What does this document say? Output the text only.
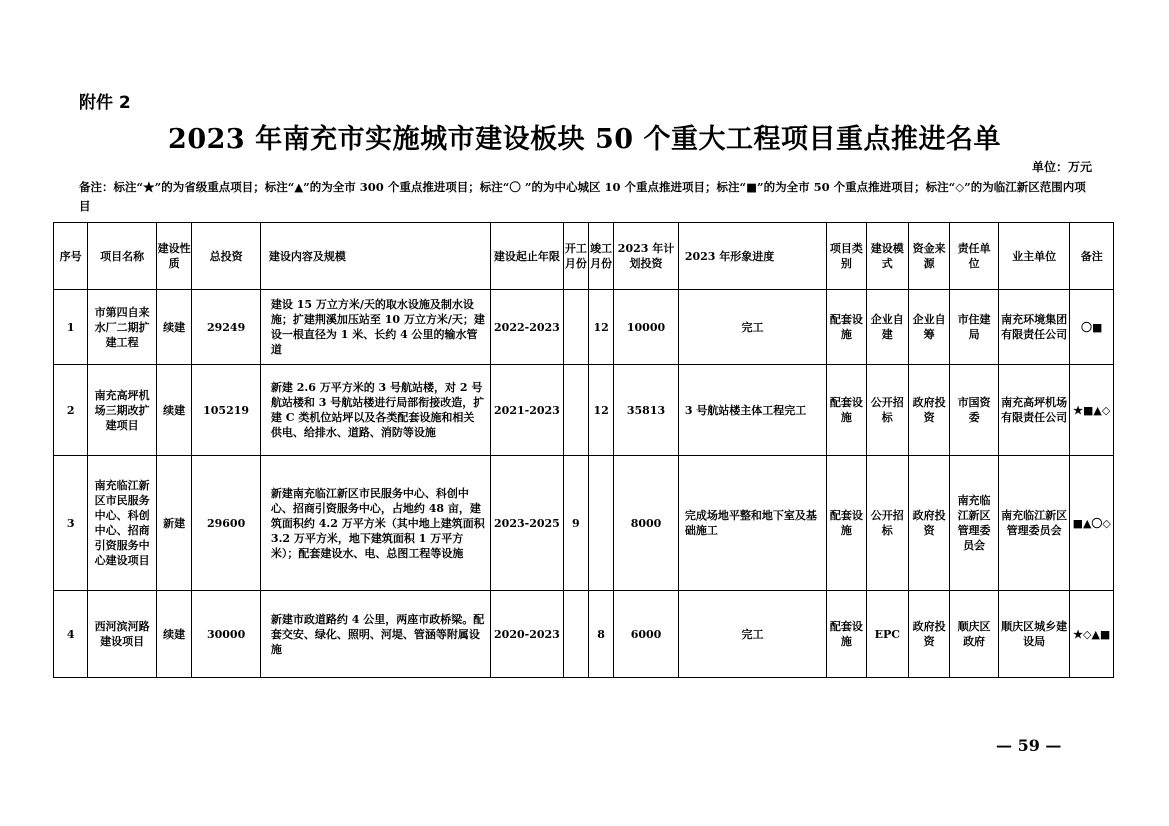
附件 2
2023 年南充市实施城市建设板块 50 个重大工程项目重点推进名单
单位：万元
备注：标注“★”的为省级重点项目；标注“▲”的为全市 300 个重点推进项目；标注“〇 ”的为中心城区 10 个重点推进项目；标注“■”的为全市 50 个重点推进项目；标注“◇”的为临江新区范围内项目
序号	项目名称	建设性质	总投资	建设内容及规模	建设起止年限	开工月份	竣工月份	2023 年计划投资	2023 年形象进度	项目类别	建设模式	资金来源	责任单位	业主单位	备注
1	市第四自来水厂二期扩建工程	续建	29249	建设 15 万立方米/天的取水设施及制水设施；扩建荆溪加压站至 10 万立方米/天；建设一根直径为 1 米、长约 4 公里的输水管道	2022-2023		12	10000	完工	配套设施	企业自建	企业自筹	市住建局	南充环境集团有限责任公司	〇■
2	南充高坪机场三期改扩建项目	续建	105219	新建 2.6 万平方米的 3 号航站楼，对 2 号航站楼和 3 号航站楼进行局部衔接改造，扩建 C 类机位站坪以及各类配套设施和相关供电、给排水、道路、消防等设施	2021-2023		12	35813	3 号航站楼主体工程完工	配套设施	公开招标	政府投资	市国资委	南充高坪机场有限责任公司	★■▲◇
3	南充临江新区市民服务中心、科创中心、招商引资服务中心建设项目	新建	29600	新建南充临江新区市民服务中心、科创中心、招商引资服务中心，占地约 48 亩，建筑面积约 4.2 万平方米（其中地上建筑面积 3.2 万平方米，地下建筑面积 1 万平方米）；配套建设水、电、总图工程等设施	2023-2025	9		8000	完成场地平整和地下室及基础施工	配套设施	公开招标	政府投资	南充临江新区管理委员会	南充临江新区管理委员会	■▲〇◇
4	西河滨河路建设项目	续建	30000	新建市政道路约 4 公里，两座市政桥梁。配套交安、绿化、照明、河堤、管涵等附属设施	2020-2023		8	6000	完工	配套设施	EPC	政府投资	顺庆区政府	顺庆区城乡建设局	★◇▲■
— 59 —
